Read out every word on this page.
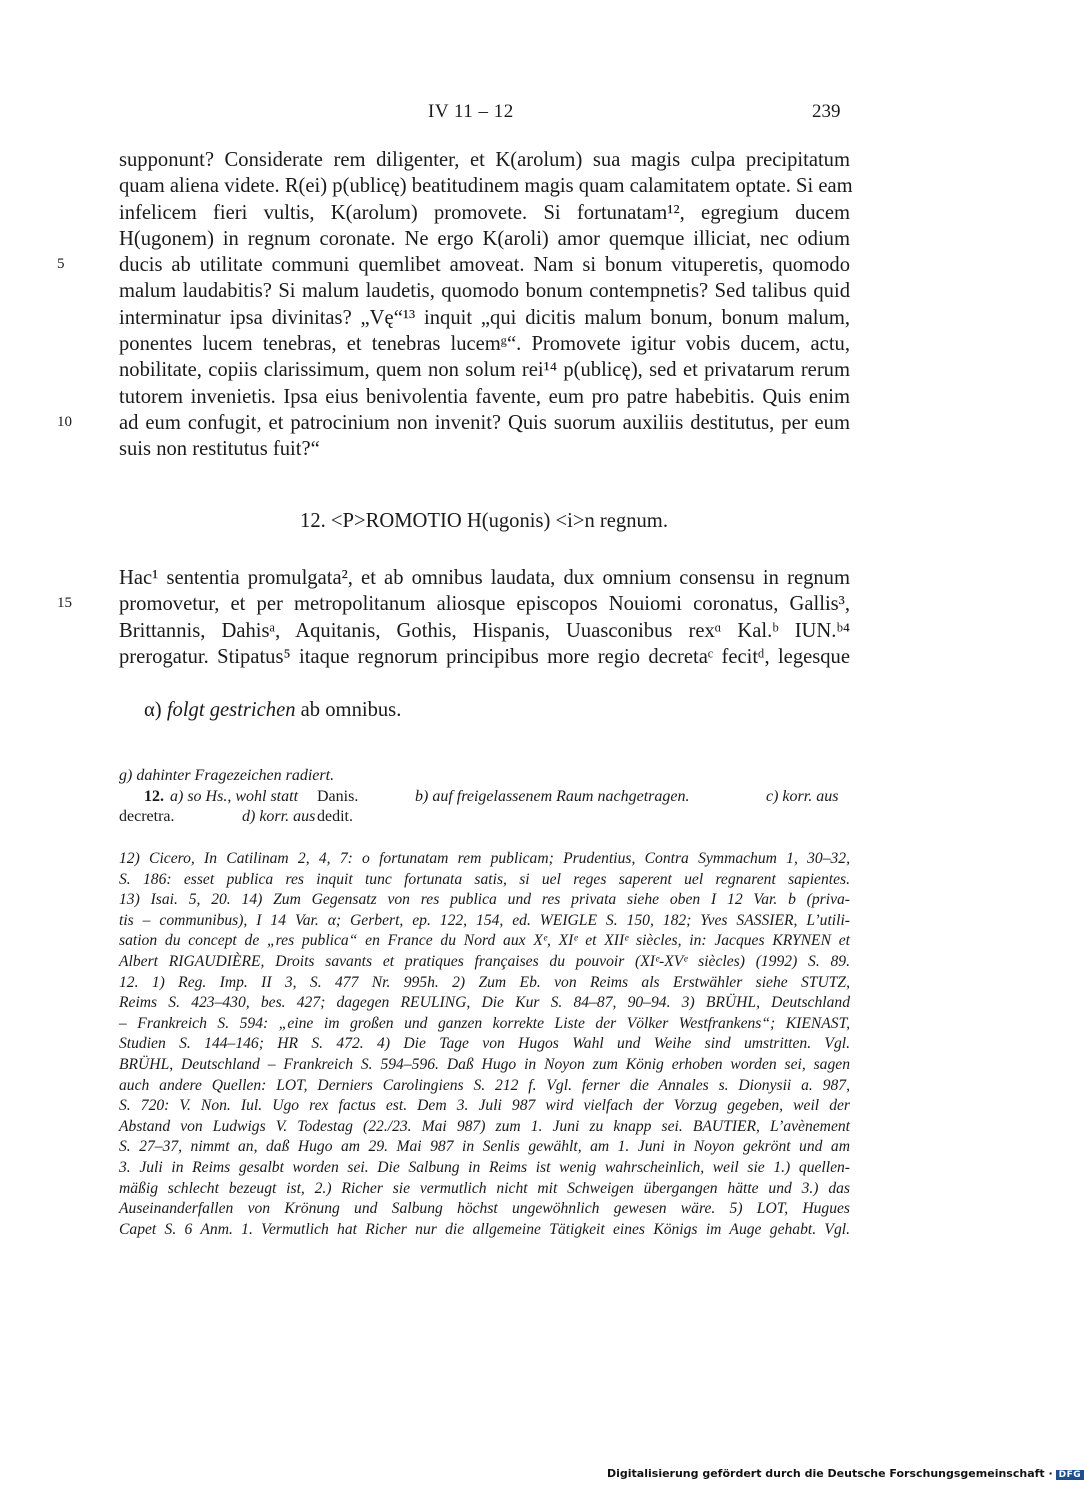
IV 11 – 12	239
supponunt? Considerate rem diligenter, et K(arolum) sua magis culpa precipitatum
quam aliena videte. R(ei) p(ublicę) beatitudinem magis quam calamitatem optate. Si eam
infelicem fieri vultis, K(arolum) promovete. Si fortunatam¹², egregium ducem
H(ugonem) in regnum coronate. Ne ergo K(aroli) amor quemque illiciat, nec odium
ducis ab utilitate communi quemlibet amoveat. Nam si bonum vituperetis, quomodo
malum laudabitis? Si malum laudetis, quomodo bonum contempnetis? Sed talibus quid
interminatur ipsa divinitas? „Vę“¹³ inquit „qui dicitis malum bonum, bonum malum,
ponentes lucem tenebras, et tenebras lucemᵍ“. Promovete igitur vobis ducem, actu,
nobilitate, copiis clarissimum, quem non solum rei¹⁴ p(ublicę), sed et privatarum rerum
tutorem invenietis. Ipsa eius benivolentia favente, eum pro patre habebitis. Quis enim
ad eum confugit, et patrocinium non invenit? Quis suorum auxiliis destitutus, per eum
suis non restitutus fuit?“
5
10
12. <P>ROMOTIO H(ugonis) <i>n regnum.
Hac¹ sententia promulgata², et ab omnibus laudata, dux omnium consensu in regnum
promovetur, et per metropolitanum aliosque episcopos Nouiomi coronatus, Gallis³,
Brittannis, Dahisᵃ, Aquitanis, Gothis, Hispanis, Uuasconibus rexᵅ Kal.ᵇ IUN.ᵇ⁴
prerogatur. Stipatus⁵ itaque regnorum principibus more regio decretaᶜ fecitᵈ, legesque
15
α) folgt gestrichen ab omnibus.
g) dahinter Fragezeichen radiert.
12. a) so Hs., wohl statt Danis.	b) auf freigelassenem Raum nachgetragen.	c) korr. aus
decretra.	d) korr. aus dedit.
12) Cicero, In Catilinam 2, 4, 7: o fortunatam rem publicam; Prudentius, Contra Symmachum 1, 30–32,
S. 186: esset publica res inquit tunc fortunata satis, si uel reges saperent uel regnarent sapientes.
13) Isai. 5, 20. 14) Zum Gegensatz von res publica und res privata siehe oben I 12 Var. b (priva-
tis – communibus), I 14 Var. α; Gerbert, ep. 122, 154, ed. WEIGLE S. 150, 182; Yves SASSIER, L’utili-
sation du concept de „res publica“ en France du Nord aux Xᵉ, XIᵉ et XIIᵉ siècles, in: Jacques KRYNEN et
Albert RIGAUDIÈRE, Droits savants et pratiques françaises du pouvoir (XIᵉ-XVᵉ siècles) (1992) S. 89.
12. 1) Reg. Imp. II 3, S. 477 Nr. 995h. 2) Zum Eb. von Reims als Erstwähler siehe STUTZ,
Reims S. 423–430, bes. 427; dagegen REULING, Die Kur S. 84–87, 90–94. 3) BRÜHL, Deutschland
– Frankreich S. 594: „eine im großen und ganzen korrekte Liste der Völker Westfrankens“; KIENAST,
Studien S. 144–146; HR S. 472. 4) Die Tage von Hugos Wahl und Weihe sind umstritten. Vgl.
BRÜHL, Deutschland – Frankreich S. 594–596. Daß Hugo in Noyon zum König erhoben worden sei, sagen
auch andere Quellen: LOT, Derniers Carolingiens S. 212 f. Vgl. ferner die Annales s. Dionysii a. 987,
S. 720: V. Non. Iul. Ugo rex factus est. Dem 3. Juli 987 wird vielfach der Vorzug gegeben, weil der
Abstand von Ludwigs V. Todestag (22./23. Mai 987) zum 1. Juni zu knapp sei. BAUTIER, L’avènement
S. 27–37, nimmt an, daß Hugo am 29. Mai 987 in Senlis gewählt, am 1. Juni in Noyon gekrönt und am
3. Juli in Reims gesalbt worden sei. Die Salbung in Reims ist wenig wahrscheinlich, weil sie 1.) quellen-
mäßig schlecht bezeugt ist, 2.) Richer sie vermutlich nicht mit Schweigen übergangen hätte und 3.) das
Auseinanderfallen von Krönung und Salbung höchst ungewöhnlich gewesen wäre. 5) LOT, Hugues
Capet S. 6 Anm. 1. Vermutlich hat Richer nur die allgemeine Tätigkeit eines Königs im Auge gehabt. Vgl.
Digitalisierung gefördert durch die Deutsche Forschungsgemeinschaft · DFG
